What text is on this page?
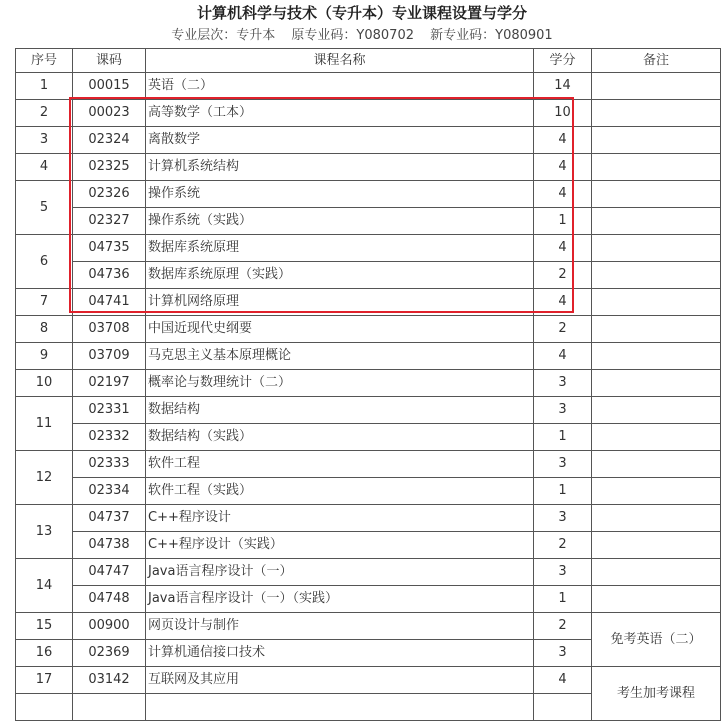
计算机科学与技术（专升本）专业课程设置与学分
专业层次：专升本 原专业码：Y080702 新专业码：Y080901
序号	课码	课程名称	学分	备注
1	00015	英语（二）	14	
2	00023	高等数学（工本）	10	
3	02324	离散数学	4	
4	02325	计算机系统结构	4	
5	02326	操作系统	4	
	02327	操作系统（实践）	1	
6	04735	数据库系统原理	4	
	04736	数据库系统原理（实践）	2	
7	04741	计算机网络原理	4	
8	03708	中国近现代史纲要	2	
9	03709	马克思主义基本原理概论	4	
10	02197	概率论与数理统计（二）	3	
11	02331	数据结构	3	
	02332	数据结构（实践）	1	
12	02333	软件工程	3	
	02334	软件工程（实践）	1	
13	04737	C++程序设计	3	
	04738	C++程序设计（实践）	2	
14	04747	Java语言程序设计（一）	3	
	04748	Java语言程序设计（一）（实践）	1	
15	00900	网页设计与制作	2	免考英语（二）
16	02369	计算机通信接口技术	3	
17	03142	互联网及其应用	4	考生加考课程
